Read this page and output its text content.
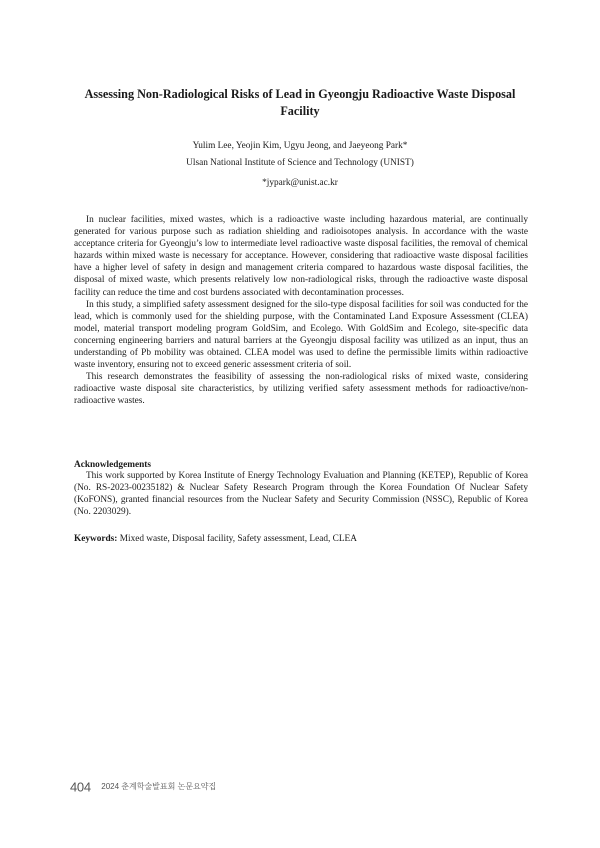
Assessing Non-Radiological Risks of Lead in Gyeongju Radioactive Waste Disposal Facility
Yulim Lee, Yeojin Kim, Ugyu Jeong, and Jaeyeong Park*
Ulsan National Institute of Science and Technology (UNIST)
*jypark@unist.ac.kr

In nuclear facilities, mixed wastes, which is a radioactive waste including hazardous material, are continually generated for various purpose such as radiation shielding and radioisotopes analysis. In accordance with the waste acceptance criteria for Gyeongju’s low to intermediate level radioactive waste disposal facilities, the removal of chemical hazards within mixed waste is necessary for acceptance. However, considering that radioactive waste disposal facilities have a higher level of safety in design and management criteria compared to hazardous waste disposal facilities, the disposal of mixed waste, which presents relatively low non-radiological risks, through the radioactive waste disposal facility can reduce the time and cost burdens associated with decontamination processes.

In this study, a simplified safety assessment designed for the silo-type disposal facilities for soil was conducted for the lead, which is commonly used for the shielding purpose, with the Contaminated Land Exposure Assessment (CLEA) model, material transport modeling program GoldSim, and Ecolego. With GoldSim and Ecolego, site-specific data concerning engineering barriers and natural barriers at the Gyeongju disposal facility was utilized as an input, thus an understanding of Pb mobility was obtained. CLEA model was used to define the permissible limits within radioactive waste inventory, ensuring not to exceed generic assessment criteria of soil.

This research demonstrates the feasibility of assessing the non-radiological risks of mixed waste, considering radioactive waste disposal site characteristics, by utilizing verified safety assessment methods for radioactive/non-radioactive wastes.

Acknowledgements

This work supported by Korea Institute of Energy Technology Evaluation and Planning (KETEP), Republic of Korea (No. RS-2023-00235182) & Nuclear Safety Research Program through the Korea Foundation Of Nuclear Safety (KoFONS), granted financial resources from the Nuclear Safety and Security Commission (NSSC), Republic of Korea (No. 2203029).

Keywords: Mixed waste, Disposal facility, Safety assessment, Lead, CLEA
404 2024 춘계학술발표회 논문요약집
